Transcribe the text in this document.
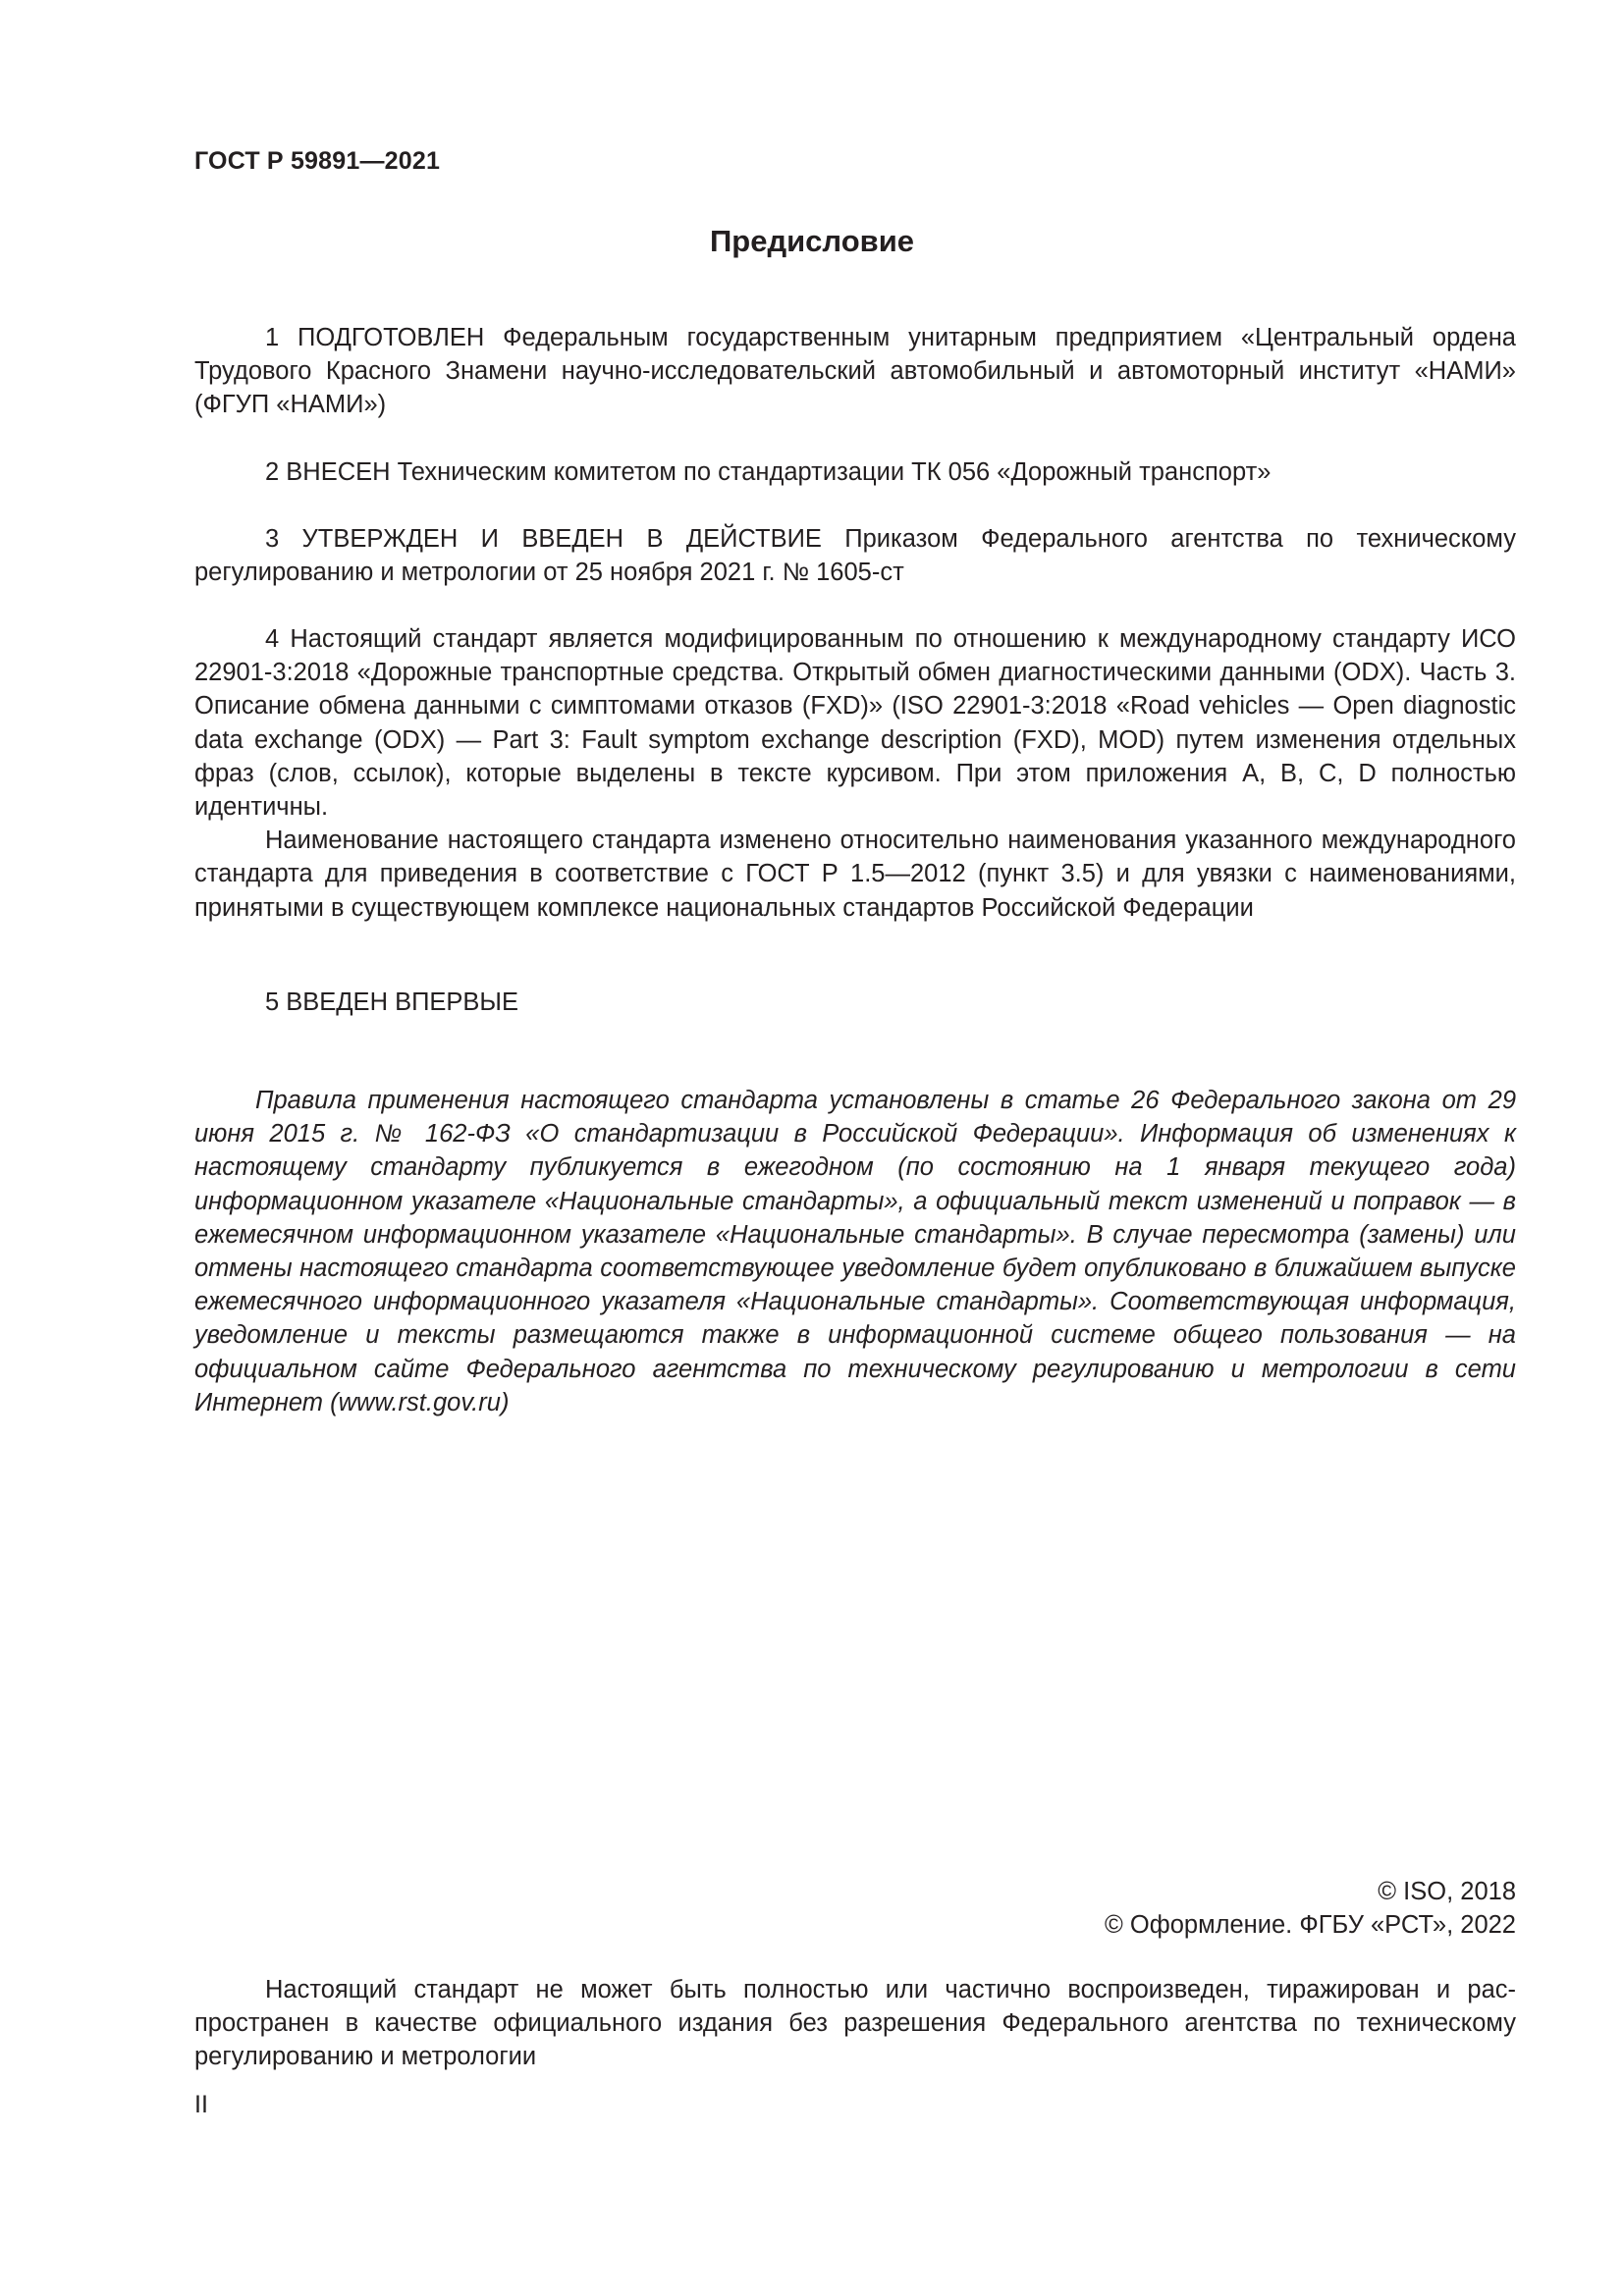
ГОСТ Р 59891—2021
Предисловие

1 ПОДГОТОВЛЕН Федеральным государственным унитарным предприятием «Центральный ордена Трудового Красного Знамени научно-исследовательский автомобильный и автомоторный институт «НАМИ» (ФГУП «НАМИ»)

2 ВНЕСЕН Техническим комитетом по стандартизации ТК 056 «Дорожный транспорт»

3 УТВЕРЖДЕН И ВВЕДЕН В ДЕЙСТВИЕ Приказом Федерального агентства по техническому регулированию и метрологии от 25 ноября 2021 г. № 1605-ст

4 Настоящий стандарт является модифицированным по отношению к международному стандарту ИСО 22901-3:2018 «Дорожные транспортные средства. Открытый обмен диагностическими данными (ODX). Часть 3. Описание обмена данными с симптомами отказов (FXD)» (ISO 22901-3:2018 «Road vehicles — Open diagnostic data exchange (ODX) — Part 3: Fault symptom exchange description (FXD), MOD) путем изменения отдельных фраз (слов, ссылок), которые выделены в тексте курсивом. При этом приложения A, B, C, D полностью идентичны.

Наименование настоящего стандарта изменено относительно наименования указанного международного стандарта для приведения в соответствие с ГОСТ Р 1.5—2012 (пункт 3.5) и для увязки с наименованиями, принятыми в существующем комплексе национальных стандартов Российской Федерации

5 ВВЕДЕН ВПЕРВЫЕ

Правила применения настоящего стандарта установлены в статье 26 Федерального закона от 29 июня 2015 г. № 162-ФЗ «О стандартизации в Российской Федерации». Информация об изменениях к настоящему стандарту публикуется в ежегодном (по состоянию на 1 января текущего года) информационном указателе «Национальные стандарты», а официальный текст изменений и поправок — в ежемесячном информационном указателе «Национальные стандарты». В случае пересмотра (замены) или отмены настоящего стандарта соответствующее уведомление будет опубликовано в ближайшем выпуске ежемесячного информационного указателя «Национальные стандарты». Соответствующая информация, уведомление и тексты размещаются также в информационной системе общего пользования — на официальном сайте Федерального агентства по техническому регулированию и метрологии в сети Интернет (www.rst.gov.ru)

© ISO, 2018
© Оформление. ФГБУ «РСТ», 2022

Настоящий стандарт не может быть полностью или частично воспроизведен, тиражирован и распространен в качестве официального издания без разрешения Федерального агентства по техническому регулированию и метрологии

II
